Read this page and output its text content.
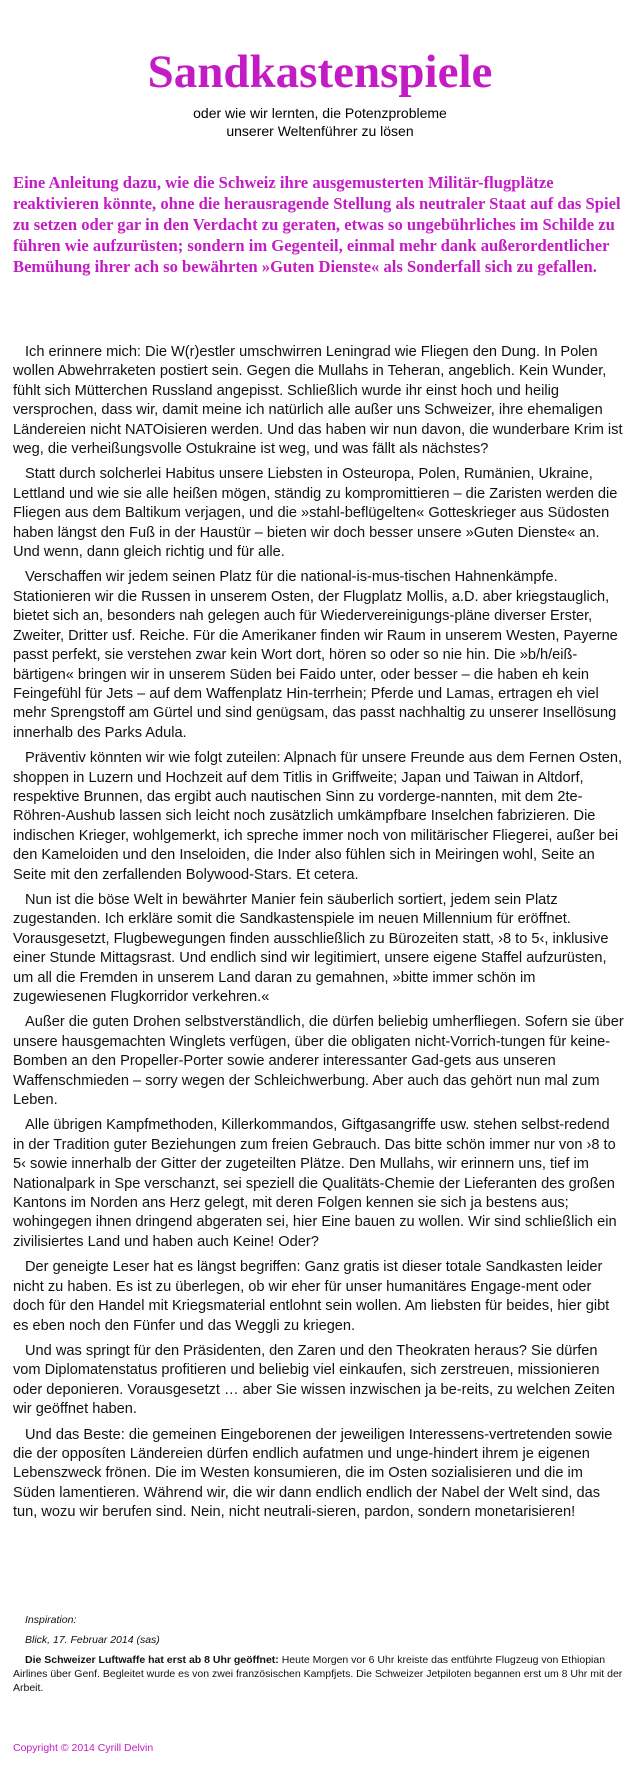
Sandkastenspiele
oder wie wir lernten, die Potenzprobleme
unserer Weltenführer zu lösen

Eine Anleitung dazu, wie die Schweiz ihre ausgemusterten Militär-flugplätze reaktivieren könnte, ohne die herausragende Stellung als neutraler Staat auf das Spiel zu setzen oder gar in den Verdacht zu geraten, etwas so ungebührliches im Schilde zu führen wie aufzurüsten; sondern im Gegenteil, einmal mehr dank außerordentlicher Bemühung ihrer ach so bewährten »Guten Dienste« als Sonderfall sich zu gefallen.

Ich erinnere mich: Die W(r)estler umschwirren Leningrad wie Fliegen den Dung. In Polen wollen Abwehrraketen postiert sein. Gegen die Mullahs in Teheran, angeblich. Kein Wunder, fühlt sich Mütterchen Russland angepisst. Schließlich wurde ihr einst hoch und heilig versprochen, dass wir, damit meine ich natürlich alle außer uns Schweizer, ihre ehemaligen Ländereien nicht NATOisieren werden. Und das haben wir nun davon, die wunderbare Krim ist weg, die verheißungsvolle Ostukraine ist weg, und was fällt als nächstes?

Statt durch solcherlei Habitus unsere Liebsten in Osteuropa, Polen, Rumänien, Ukraine, Lettland und wie sie alle heißen mögen, ständig zu kompromittieren – die Zaristen werden die Fliegen aus dem Baltikum verjagen, und die »stahl-beflügelten« Gotteskrieger aus Südosten haben längst den Fuß in der Haustür – bieten wir doch besser unsere »Guten Dienste« an. Und wenn, dann gleich richtig und für alle.

Verschaffen wir jedem seinen Platz für die national-is-mus-tischen Hahnenkämpfe. Stationieren wir die Russen in unserem Osten, der Flugplatz Mollis, a.D. aber kriegstauglich, bietet sich an, besonders nah gelegen auch für Wiedervereinigungs-pläne diverser Erster, Zweiter, Dritter usf. Reiche. Für die Amerikaner finden wir Raum in unserem Westen, Payerne passt perfekt, sie verstehen zwar kein Wort dort, hören so oder so nie hin. Die »b/h/eiß-bärtigen« bringen wir in unserem Süden bei Faido unter, oder besser – die haben eh kein Feingefühl für Jets – auf dem Waffenplatz Hin-terrhein; Pferde und Lamas, ertragen eh viel mehr Sprengstoff am Gürtel und sind genügsam, das passt nachhaltig zu unserer Insellösung innerhalb des Parks Adula.

Präventiv könnten wir wie folgt zuteilen: Alpnach für unsere Freunde aus dem Fernen Osten, shoppen in Luzern und Hochzeit auf dem Titlis in Griffweite; Japan und Taiwan in Altdorf, respektive Brunnen, das ergibt auch nautischen Sinn zu vorderge-nannten, mit dem 2te-Röhren-Aushub lassen sich leicht noch zusätzlich umkämpfbare Inselchen fabrizieren. Die indischen Krieger, wohlgemerkt, ich spreche immer noch von militärischer Fliegerei, außer bei den Kameloiden und den Inseloiden, die Inder also fühlen sich in Meiringen wohl, Seite an Seite mit den zerfallenden Bolywood-Stars. Et cetera.

Nun ist die böse Welt in bewährter Manier fein säuberlich sortiert, jedem sein Platz zugestanden. Ich erkläre somit die Sandkastenspiele im neuen Millennium für eröffnet. Vorausgesetzt, Flugbewegungen finden ausschließlich zu Bürozeiten statt, ›8 to 5‹, inklusive einer Stunde Mittagsrast. Und endlich sind wir legitimiert, unsere eigene Staffel aufzurüsten, um all die Fremden in unserem Land daran zu gemahnen, »bitte immer schön im zugewiesenen Flugkorridor verkehren.«

Außer die guten Drohen selbstverständlich, die dürfen beliebig umherfliegen. Sofern sie über unsere hausgemachten Winglets verfügen, über die obligaten nicht-Vorrich-tungen für keine-Bomben an den Propeller-Porter sowie anderer interessanter Gad-gets aus unseren Waffenschmieden – sorry wegen der Schleichwerbung. Aber auch das gehört nun mal zum Leben.

Alle übrigen Kampfmethoden, Killerkommandos, Giftgasangriffe usw. stehen selbst-redend in der Tradition guter Beziehungen zum freien Gebrauch. Das bitte schön immer nur von ›8 to 5‹ sowie innerhalb der Gitter der zugeteilten Plätze. Den Mullahs, wir erinnern uns, tief im Nationalpark in Spe verschanzt, sei speziell die Qualitäts-Chemie der Lieferanten des großen Kantons im Norden ans Herz gelegt, mit deren Folgen kennen sie sich ja bestens aus; wohingegen ihnen dringend abgeraten sei, hier Eine bauen zu wollen. Wir sind schließlich ein zivilisiertes Land und haben auch Keine! Oder?

Der geneigte Leser hat es längst begriffen: Ganz gratis ist dieser totale Sandkasten leider nicht zu haben. Es ist zu überlegen, ob wir eher für unser humanitäres Engage-ment oder doch für den Handel mit Kriegsmaterial entlohnt sein wollen. Am liebsten für beides, hier gibt es eben noch den Fünfer und das Weggli zu kriegen.

Und was springt für den Präsidenten, den Zaren und den Theokraten heraus? Sie dürfen vom Diplomatenstatus profitieren und beliebig viel einkaufen, sich zerstreuen, missionieren oder deponieren. Vorausgesetzt … aber Sie wissen inzwischen ja be-reits, zu welchen Zeiten wir geöffnet haben.

Und das Beste: die gemeinen Eingeborenen der jeweiligen Interessens-vertretenden sowie die der opposíten Ländereien dürfen endlich aufatmen und unge-hindert ihrem je eigenen Lebenszweck frönen. Die im Westen konsumieren, die im Osten sozialisieren und die im Süden lamentieren. Während wir, die wir dann endlich endlich der Nabel der Welt sind, das tun, wozu wir berufen sind. Nein, nicht neutrali-sieren, pardon, sondern monetarisieren!

Inspiration:
Blick, 17. Februar 2014 (sas)

Die Schweizer Luftwaffe hat erst ab 8 Uhr geöffnet: Heute Morgen vor 6 Uhr kreiste das entführte Flugzeug von Ethiopian Airlines über Genf. Begleitet wurde es von zwei französischen Kampfjets. Die Schweizer Jetpiloten begannen erst um 8 Uhr mit der Arbeit.

Copyright © 2014 Cyrill Delvin
